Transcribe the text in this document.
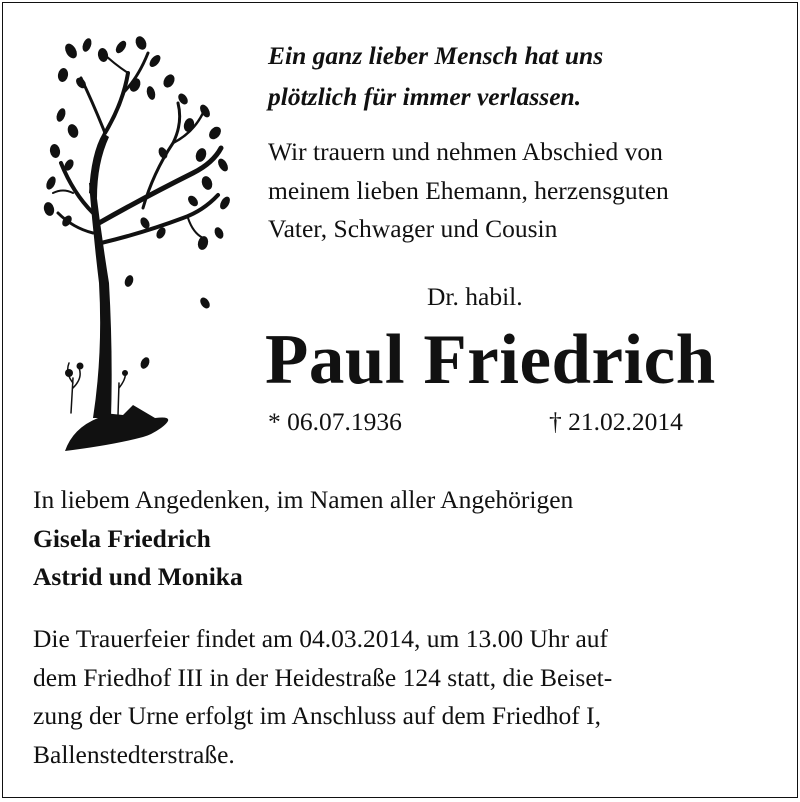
Ein ganz lieber Mensch hat uns
plötzlich für immer verlassen.
Wir trauern und nehmen Abschied von
meinem lieben Ehemann, herzensguten
Vater, Schwager und Cousin
Dr. habil.
Paul Friedrich
* 06.07.1936	† 21.02.2014
In liebem Angedenken, im Namen aller Angehörigen
Gisela Friedrich
Astrid und Monika
Die Trauerfeier findet am 04.03.2014, um 13.00 Uhr auf
dem Friedhof III in der Heidestraße 124 statt, die Beiset-
zung der Urne erfolgt im Anschluss auf dem Friedhof I,
Ballenstedterstraße.
